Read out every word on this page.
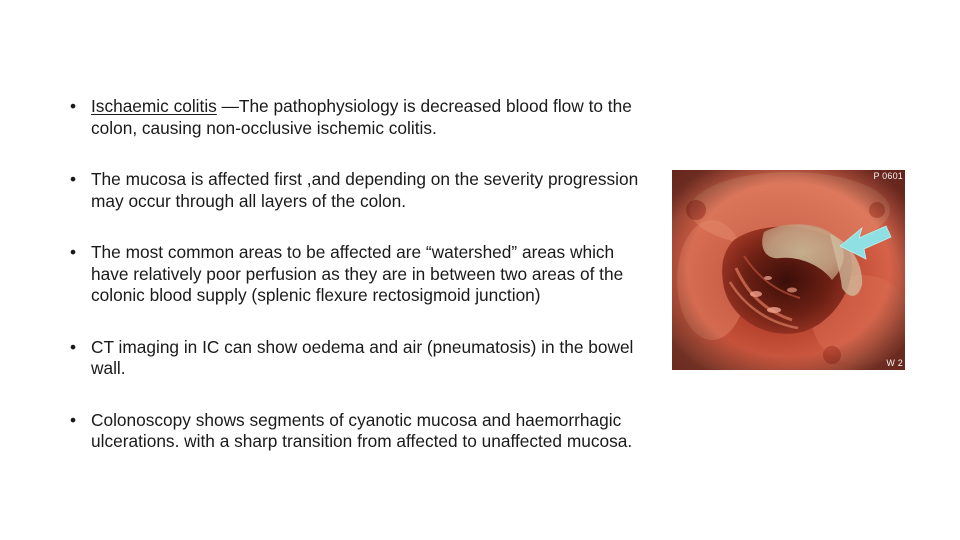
• Ischaemic colitis —The pathophysiology is decreased blood flow to the colon, causing non-occlusive ischemic colitis.
• The mucosa is affected first ,and depending on the severity progression may occur through all layers of the colon.
• The most common areas to be affected are “watershed” areas which have relatively poor perfusion as they are in between two areas of the colonic blood supply (splenic flexure rectosigmoid junction)
• CT imaging in IC can show oedema and air (pneumatosis) in the bowel wall.
• Colonoscopy shows segments of cyanotic mucosa and haemorrhagic ulcerations. with a sharp transition from affected to unaffected mucosa.
P 0601
W 2
